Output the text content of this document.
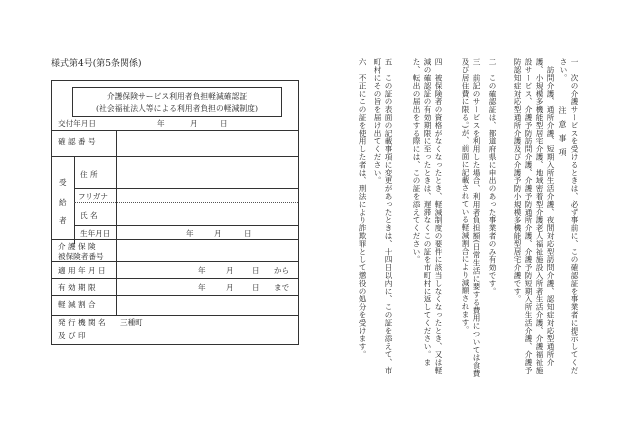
様式第4号(第5条関係)
介護保険サービス利用者負担軽減確認証
(社会福祉法人等による利用者負担の軽減制度)
交付年月日	年	月	日
確 認 番 号
受
給
者
住 所
フリガナ
氏 名
生年月日	年	月	日
介 護 保 険
被保険者番号
適 用 年 月 日	年	月 日 から
有 効 期 限	年	月 日 まで
軽 減 割 合
発 行 機 関 名
及 び 印
三種町
注意事項 一　次の介護サービスを受けるときは、必ず事前に、この確認証を事業者に提示してください。
　訪問介護、通所介護、短期入所生活介護、夜間対応型訪問介護、認知症対応型通所介護、小規模多機能型居宅介護、地域密着型介護老人福祉施設入所者生活介護、介護福祉施設サービス、介護予防訪問介護、介護予防通所介護、介護予防短期入所生活介護、介護予防認知症対応型通所介護及び介護予防小規模多機能型居宅介護です。
二　この確認証は、都道府県に申出のあった事業者のみ有効です。
三　前記のサービスを利用した場合、利用者負担額(日常生活に要する費用については食費及び居住費に限る。)が、前面に記載されている軽減割合により減額されます。
四　被保険者の資格がなくなったとき、軽減制度の要件に該当しなくなったとき、又は軽減の確認証の有効期限に至ったときは、遅滞なくこの証を市町村に返してください。また、転出の届出をする際には、この証を添えてください。
五　この証の表面の記載事項に変更があったときは、十四日以内に、この証を添えて、市町村にその旨を届け出てください。
六　不正にこの証を使用した者は、刑法により詐欺罪として懲役の処分を受けます。
